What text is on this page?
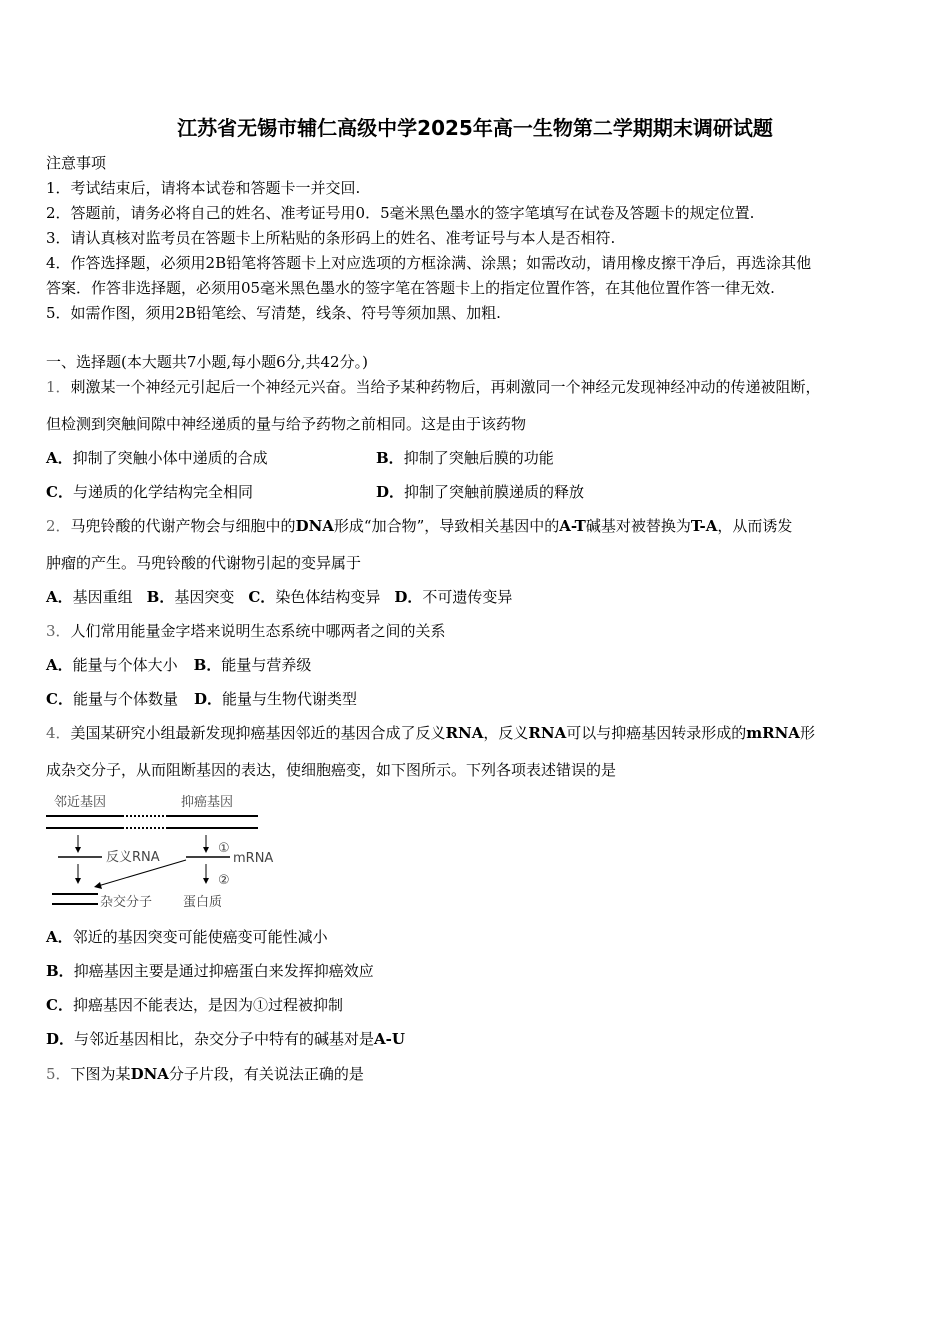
江苏省无锡市辅仁高级中学2025年高一生物第二学期期末调研试题
注意事项
1．考试结束后，请将本试卷和答题卡一并交回.
2．答题前，请务必将自己的姓名、准考证号用0．5毫米黑色墨水的签字笔填写在试卷及答题卡的规定位置.
3．请认真核对监考员在答题卡上所粘贴的条形码上的姓名、准考证号与本人是否相符.
4．作答选择题，必须用2B铅笔将答题卡上对应选项的方框涂满、涂黑；如需改动，请用橡皮擦干净后，再选涂其他
答案．作答非选择题，必须用05毫米黑色墨水的签字笔在答题卡上的指定位置作答，在其他位置作答一律无效.
5．如需作图，须用2B铅笔绘、写清楚，线条、符号等须加黑、加粗.
一、选择题(本大题共7小题,每小题6分,共42分。)
1．刺激某一个神经元引起后一个神经元兴奋。当给予某种药物后，再刺激同一个神经元发现神经冲动的传递被阻断，
但检测到突触间隙中神经递质的量与给予药物之前相同。这是由于该药物
A．抑制了突触小体中递质的合成	B．抑制了突触后膜的功能
C．与递质的化学结构完全相同	D．抑制了突触前膜递质的释放
2．马兜铃酸的代谢产物会与细胞中的DNA形成“加合物”，导致相关基因中的A-T碱基对被替换为T-A，从而诱发
肿瘤的产生。马兜铃酸的代谢物引起的变异属于
A．基因重组 B．基因突变 C．染色体结构变异 D．不可遗传变异
3．人们常用能量金字塔来说明生态系统中哪两者之间的关系
A．能量与个体大小 B．能量与营养级
C．能量与个体数量 D．能量与生物代谢类型
4．美国某研究小组最新发现抑癌基因邻近的基因合成了反义RNA，反义RNA可以与抑癌基因转录形成的mRNA形
成杂交分子，从而阻断基因的表达，使细胞癌变，如下图所示。下列各项表述错误的是
邻近基因	抑癌基因
①
反义RNA	mRNA
②
杂交分子 蛋白质
A．邻近的基因突变可能使癌变可能性减小
B．抑癌基因主要是通过抑癌蛋白来发挥抑癌效应
C．抑癌基因不能表达，是因为①过程被抑制
D．与邻近基因相比，杂交分子中特有的碱基对是A-U
5．下图为某DNA分子片段，有关说法正确的是
